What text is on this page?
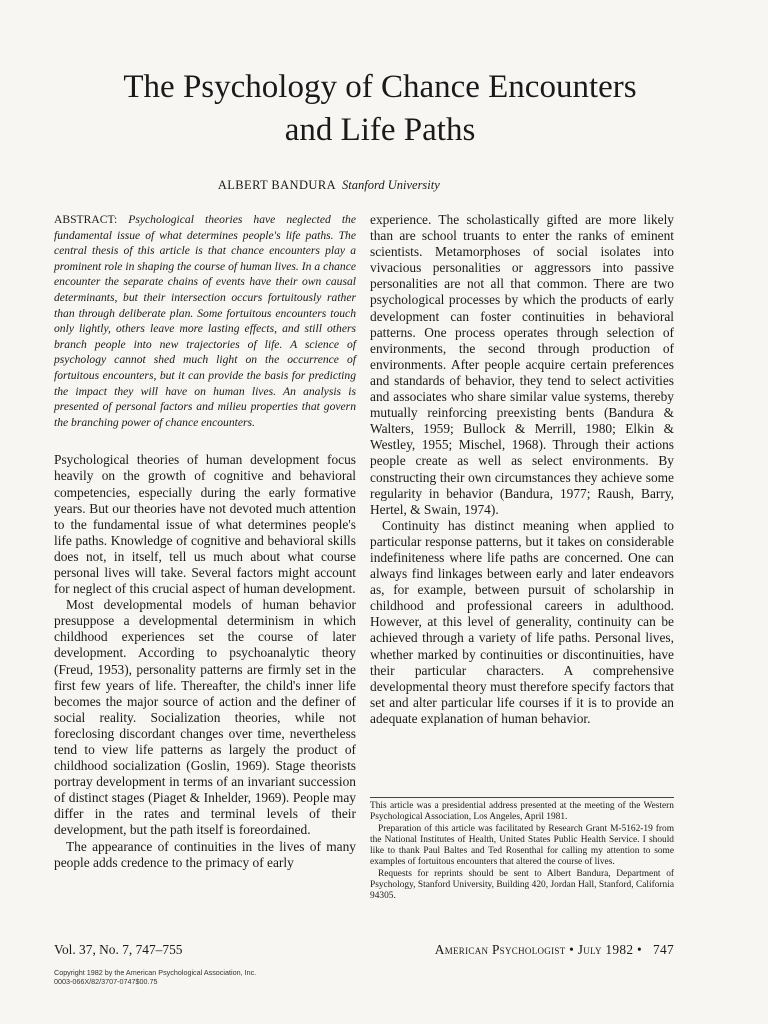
The Psychology of Chance Encounters
and Life Paths
ALBERT BANDURA Stanford University

ABSTRACT: Psychological theories have neglected the fundamental issue of what determines people's life paths. The central thesis of this article is that chance encounters play a prominent role in shaping the course of human lives. In a chance encounter the separate chains of events have their own causal determinants, but their intersection occurs fortuitously rather than through deliberate plan. Some fortuitous encounters touch only lightly, others leave more lasting effects, and still others branch people into new trajectories of life. A science of psychology cannot shed much light on the occurrence of fortuitous encounters, but it can provide the basis for predicting the impact they will have on human lives. An analysis is presented of personal factors and milieu properties that govern the branching power of chance encounters.

Psychological theories of human development focus heavily on the growth of cognitive and behavioral competencies, especially during the early formative years. But our theories have not devoted much attention to the fundamental issue of what determines people's life paths. Knowledge of cognitive and behavioral skills does not, in itself, tell us much about what course personal lives will take. Several factors might account for neglect of this crucial aspect of human development.

Most developmental models of human behavior presuppose a developmental determinism in which childhood experiences set the course of later development. According to psychoanalytic theory (Freud, 1953), personality patterns are firmly set in the first few years of life. Thereafter, the child's inner life becomes the major source of action and the definer of social reality. Socialization theories, while not foreclosing discordant changes over time, nevertheless tend to view life patterns as largely the product of childhood socialization (Goslin, 1969). Stage theorists portray development in terms of an invariant succession of distinct stages (Piaget & Inhelder, 1969). People may differ in the rates and terminal levels of their development, but the path itself is foreordained.

The appearance of continuities in the lives of many people adds credence to the primacy of early

experience. The scholastically gifted are more likely than are school truants to enter the ranks of eminent scientists. Metamorphoses of social isolates into vivacious personalities or aggressors into passive personalities are not all that common. There are two psychological processes by which the products of early development can foster continuities in behavioral patterns. One process operates through selection of environments, the second through production of environments. After people acquire certain preferences and standards of behavior, they tend to select activities and associates who share similar value systems, thereby mutually reinforcing preexisting bents (Bandura & Walters, 1959; Bullock & Merrill, 1980; Elkin & Westley, 1955; Mischel, 1968). Through their actions people create as well as select environments. By constructing their own circumstances they achieve some regularity in behavior (Bandura, 1977; Raush, Barry, Hertel, & Swain, 1974).

Continuity has distinct meaning when applied to particular response patterns, but it takes on considerable indefiniteness where life paths are concerned. One can always find linkages between early and later endeavors as, for example, between pursuit of scholarship in childhood and professional careers in adulthood. However, at this level of generality, continuity can be achieved through a variety of life paths. Personal lives, whether marked by continuities or discontinuities, have their particular characters. A comprehensive developmental theory must therefore specify factors that set and alter particular life courses if it is to provide an adequate explanation of human behavior.

This article was a presidential address presented at the meeting of the Western Psychological Association, Los Angeles, April 1981.

Preparation of this article was facilitated by Research Grant M-5162-19 from the National Institutes of Health, United States Public Health Service. I should like to thank Paul Baltes and Ted Rosenthal for calling my attention to some examples of fortuitous encounters that altered the course of lives.

Requests for reprints should be sent to Albert Bandura, Department of Psychology, Stanford University, Building 420, Jordan Hall, Stanford, California 94305.

Vol. 37, No. 7, 747–755	American Psychologist • July 1982 • 747
Copyright 1982 by the American Psychological Association, Inc.
0003-066X/82/3707-0747$00.75
